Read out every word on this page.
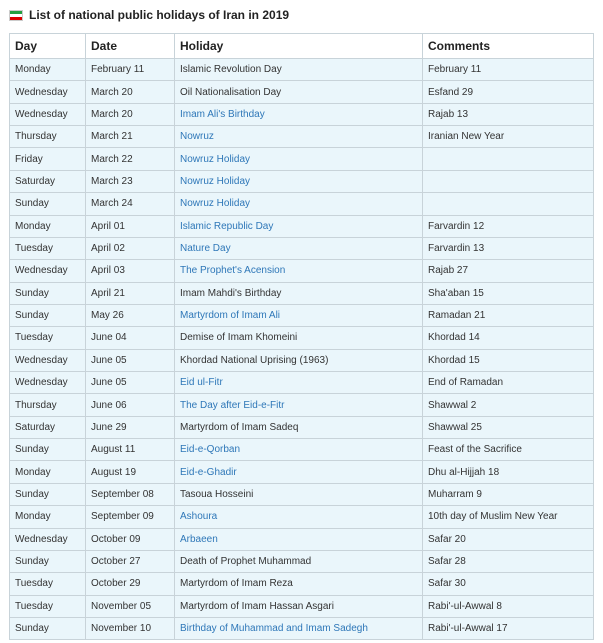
List of national public holidays of Iran in 2019
Day	Date	Holiday	Comments
Monday	February 11	Islamic Revolution Day	February 11
Wednesday	March 20	Oil Nationalisation Day	Esfand 29
Wednesday	March 20	Imam Ali's Birthday	Rajab 13
Thursday	March 21	Nowruz	Iranian New Year
Friday	March 22	Nowruz Holiday	
Saturday	March 23	Nowruz Holiday	
Sunday	March 24	Nowruz Holiday	
Monday	April 01	Islamic Republic Day	Farvardin 12
Tuesday	April 02	Nature Day	Farvardin 13
Wednesday	April 03	The Prophet's Acension	Rajab 27
Sunday	April 21	Imam Mahdi's Birthday	Sha'aban 15
Sunday	May 26	Martyrdom of Imam Ali	Ramadan 21
Tuesday	June 04	Demise of Imam Khomeini	Khordad 14
Wednesday	June 05	Khordad National Uprising (1963)	Khordad 15
Wednesday	June 05	Eid ul-Fitr	End of Ramadan
Thursday	June 06	The Day after Eid-e-Fitr	Shawwal 2
Saturday	June 29	Martyrdom of Imam Sadeq	Shawwal 25
Sunday	August 11	Eid-e-Qorban	Feast of the Sacrifice
Monday	August 19	Eid-e-Ghadir	Dhu al-Hijjah 18
Sunday	September 08	Tasoua Hosseini	Muharram 9
Monday	September 09	Ashoura	10th day of Muslim New Year
Wednesday	October 09	Arbaeen	Safar 20
Sunday	October 27	Death of Prophet Muhammad	Safar 28
Tuesday	October 29	Martyrdom of Imam Reza	Safar 30
Tuesday	November 05	Martyrdom of Imam Hassan Asgari	Rabi'-ul-Awwal 8
Sunday	November 10	Birthday of Muhammad and Imam Sadegh	Rabi'-ul-Awwal 17
